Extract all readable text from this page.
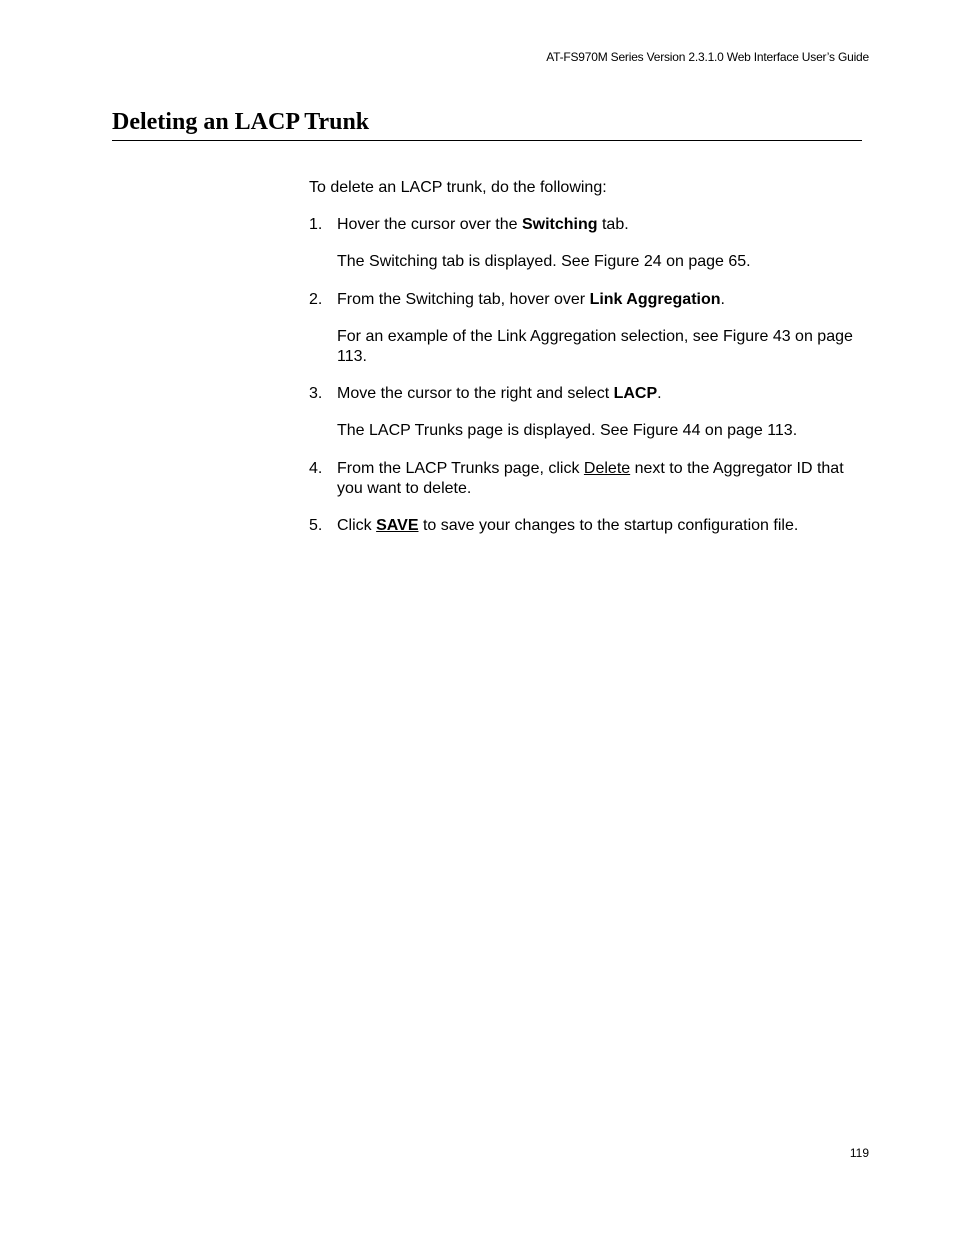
AT-FS970M Series Version 2.3.1.0 Web Interface User’s Guide
Deleting an LACP Trunk

To delete an LACP trunk, do the following:

1. Hover the cursor over the Switching tab.
The Switching tab is displayed. See Figure 24 on page 65.
2. From the Switching tab, hover over Link Aggregation.
For an example of the Link Aggregation selection, see Figure 43 on page 113.
3. Move the cursor to the right and select LACP.
The LACP Trunks page is displayed. See Figure 44 on page 113.
4. From the LACP Trunks page, click Delete next to the Aggregator ID that you want to delete.
5. Click SAVE to save your changes to the startup configuration file.
119
